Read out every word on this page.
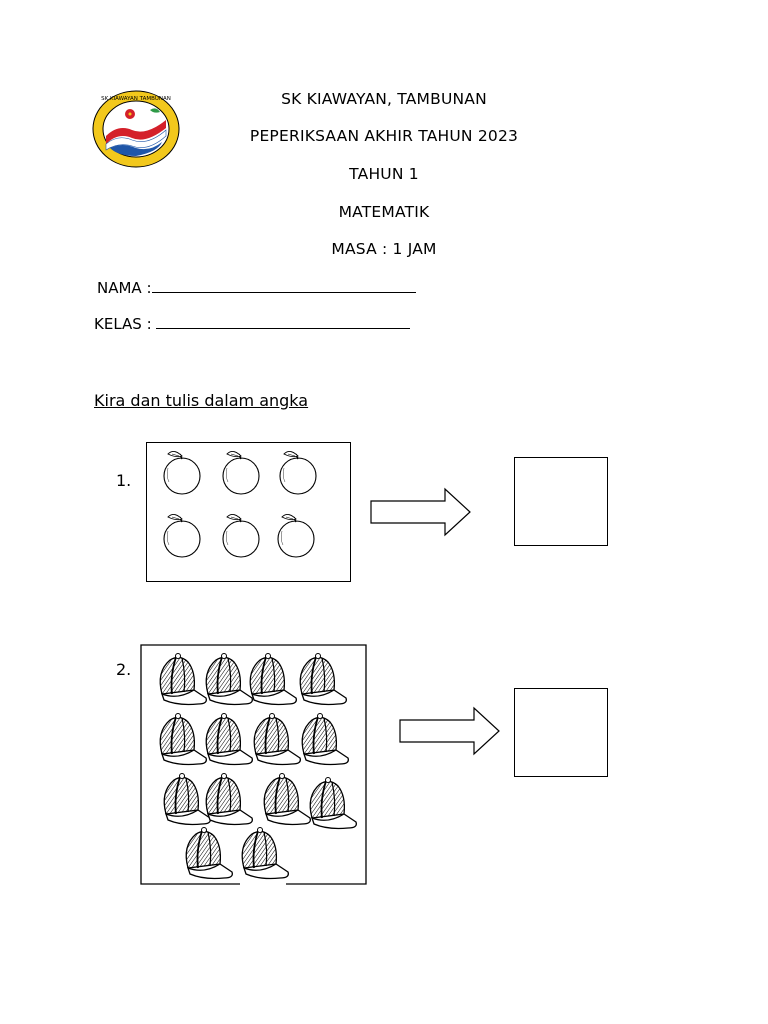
SK KIAWAYAN TAMBUNAN	SK KIAWAYAN, TAMBUNAN
PEPERIKSAAN AKHIR TAHUN 2023
TAHUN 1
MATEMATIK
MASA : 1 JAM
NAMA :
KELAS :
Kira dan tulis dalam angka
1.
2.
